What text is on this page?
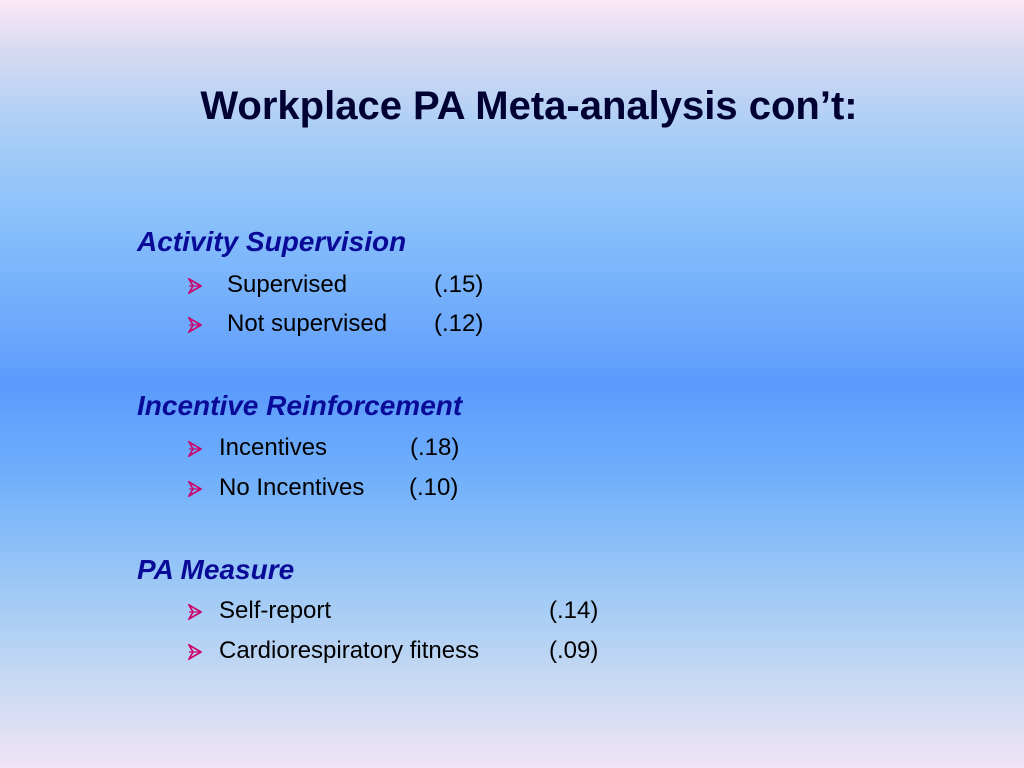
Workplace PA Meta-analysis con’t:
Activity Supervision
Supervised	(.15)
Not supervised (.12)
Incentive Reinforcement
Incentives	(.18)
No Incentives (.10)
PA Measure
Self-report	(.14)
Cardiorespiratory fitness	(.09)
